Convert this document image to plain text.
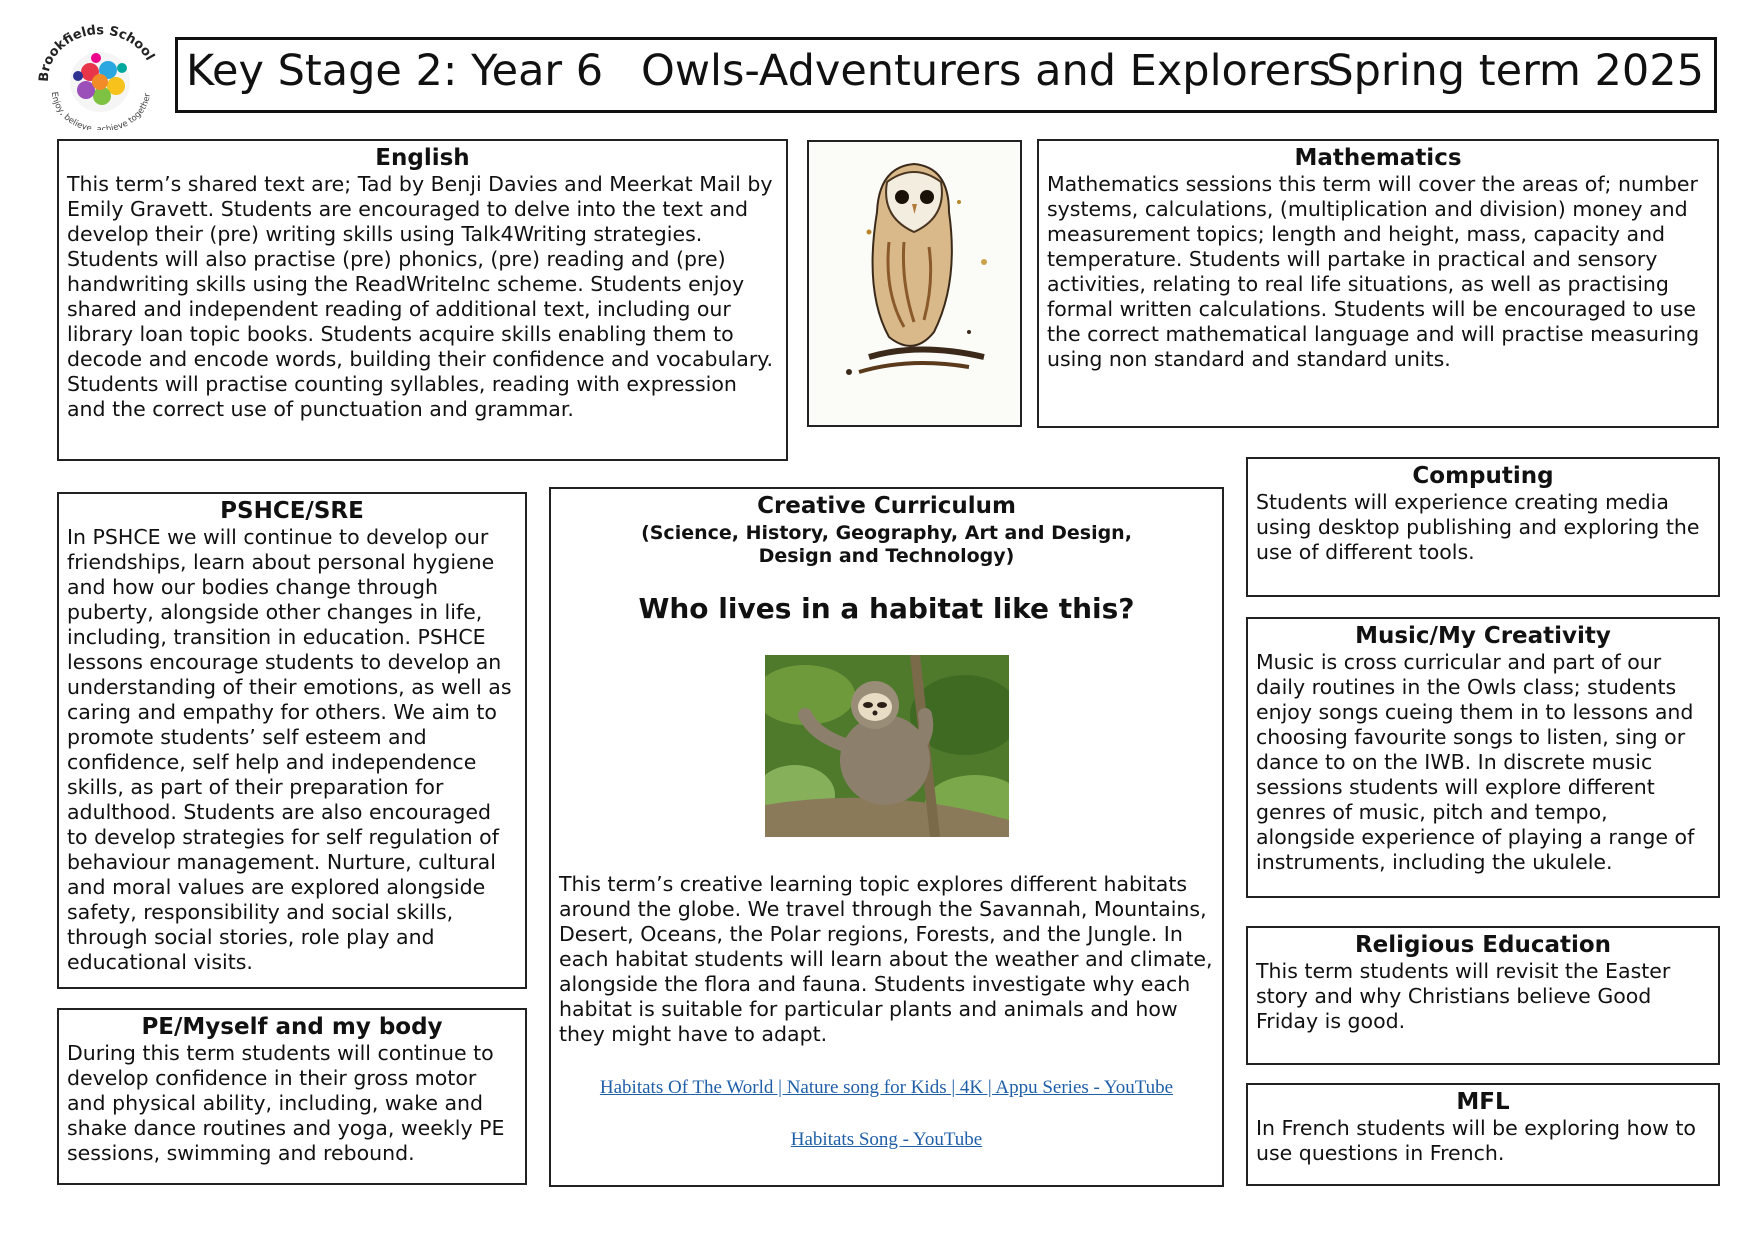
Brookfields School
Enjoy, believe, achieve together Key Stage 2: Year 6 Owls-Adventurers and Explorers
Spring term 2025
English

This term’s shared text are; Tad by Benji Davies and Meerkat Mail by Emily Gravett. Students are encouraged to delve into the text and develop their (pre) writing skills using Talk4Writing strategies. Students will also practise (pre) phonics, (pre) reading and (pre) handwriting skills using the ReadWriteInc scheme. Students enjoy shared and independent reading of additional text, including our library loan topic books. Students acquire skills enabling them to decode and encode words, building their confidence and vocabulary. Students will practise counting syllables, reading with expression and the correct use of punctuation and grammar.

Mathematics

Mathematics sessions this term will cover the areas of; number systems, calculations, (multiplication and division) money and measurement topics; length and height, mass, capacity and temperature. Students will partake in practical and sensory activities, relating to real life situations, as well as practising formal written calculations. Students will be encouraged to use the correct mathematical language and will practise measuring using non standard and standard units.

Computing

Students will experience creating media using desktop publishing and exploring the use of different tools.

PSHCE/SRE

In PSHCE we will continue to develop our friendships, learn about personal hygiene and how our bodies change through puberty, alongside other changes in life, including, transition in education. PSHCE lessons encourage students to develop an understanding of their emotions, as well as caring and empathy for others. We aim to promote students’ self esteem and confidence, self help and independence skills, as part of their preparation for adulthood. Students are also encouraged to develop strategies for self regulation of behaviour management. Nurture, cultural and moral values are explored alongside safety, responsibility and social skills, through social stories, role play and educational visits.

Creative Curriculum
(Science, History, Geography, Art and Design, Design and Technology)
Who lives in a habitat like this?

This term’s creative learning topic explores different habitats around the globe. We travel through the Savannah, Mountains, Desert, Oceans, the Polar regions, Forests, and the Jungle. In each habitat students will learn about the weather and climate, alongside the flora and fauna. Students investigate why each habitat is suitable for particular plants and animals and how they might have to adapt.

Habitats Of The World | Nature song for Kids | 4K | Appu Series - YouTube
Habitats Song - YouTube
Music/My Creativity

Music is cross curricular and part of our daily routines in the Owls class; students enjoy songs cueing them in to lessons and choosing favourite songs to listen, sing or dance to on the IWB. In discrete music sessions students will explore different genres of music, pitch and tempo, alongside experience of playing a range of instruments, including the ukulele.

Religious Education

This term students will revisit the Easter story and why Christians believe Good Friday is good.

PE/Myself and my body

During this term students will continue to develop confidence in their gross motor and physical ability, including, wake and shake dance routines and yoga, weekly PE sessions, swimming and rebound.

MFL

In French students will be exploring how to use questions in French.
